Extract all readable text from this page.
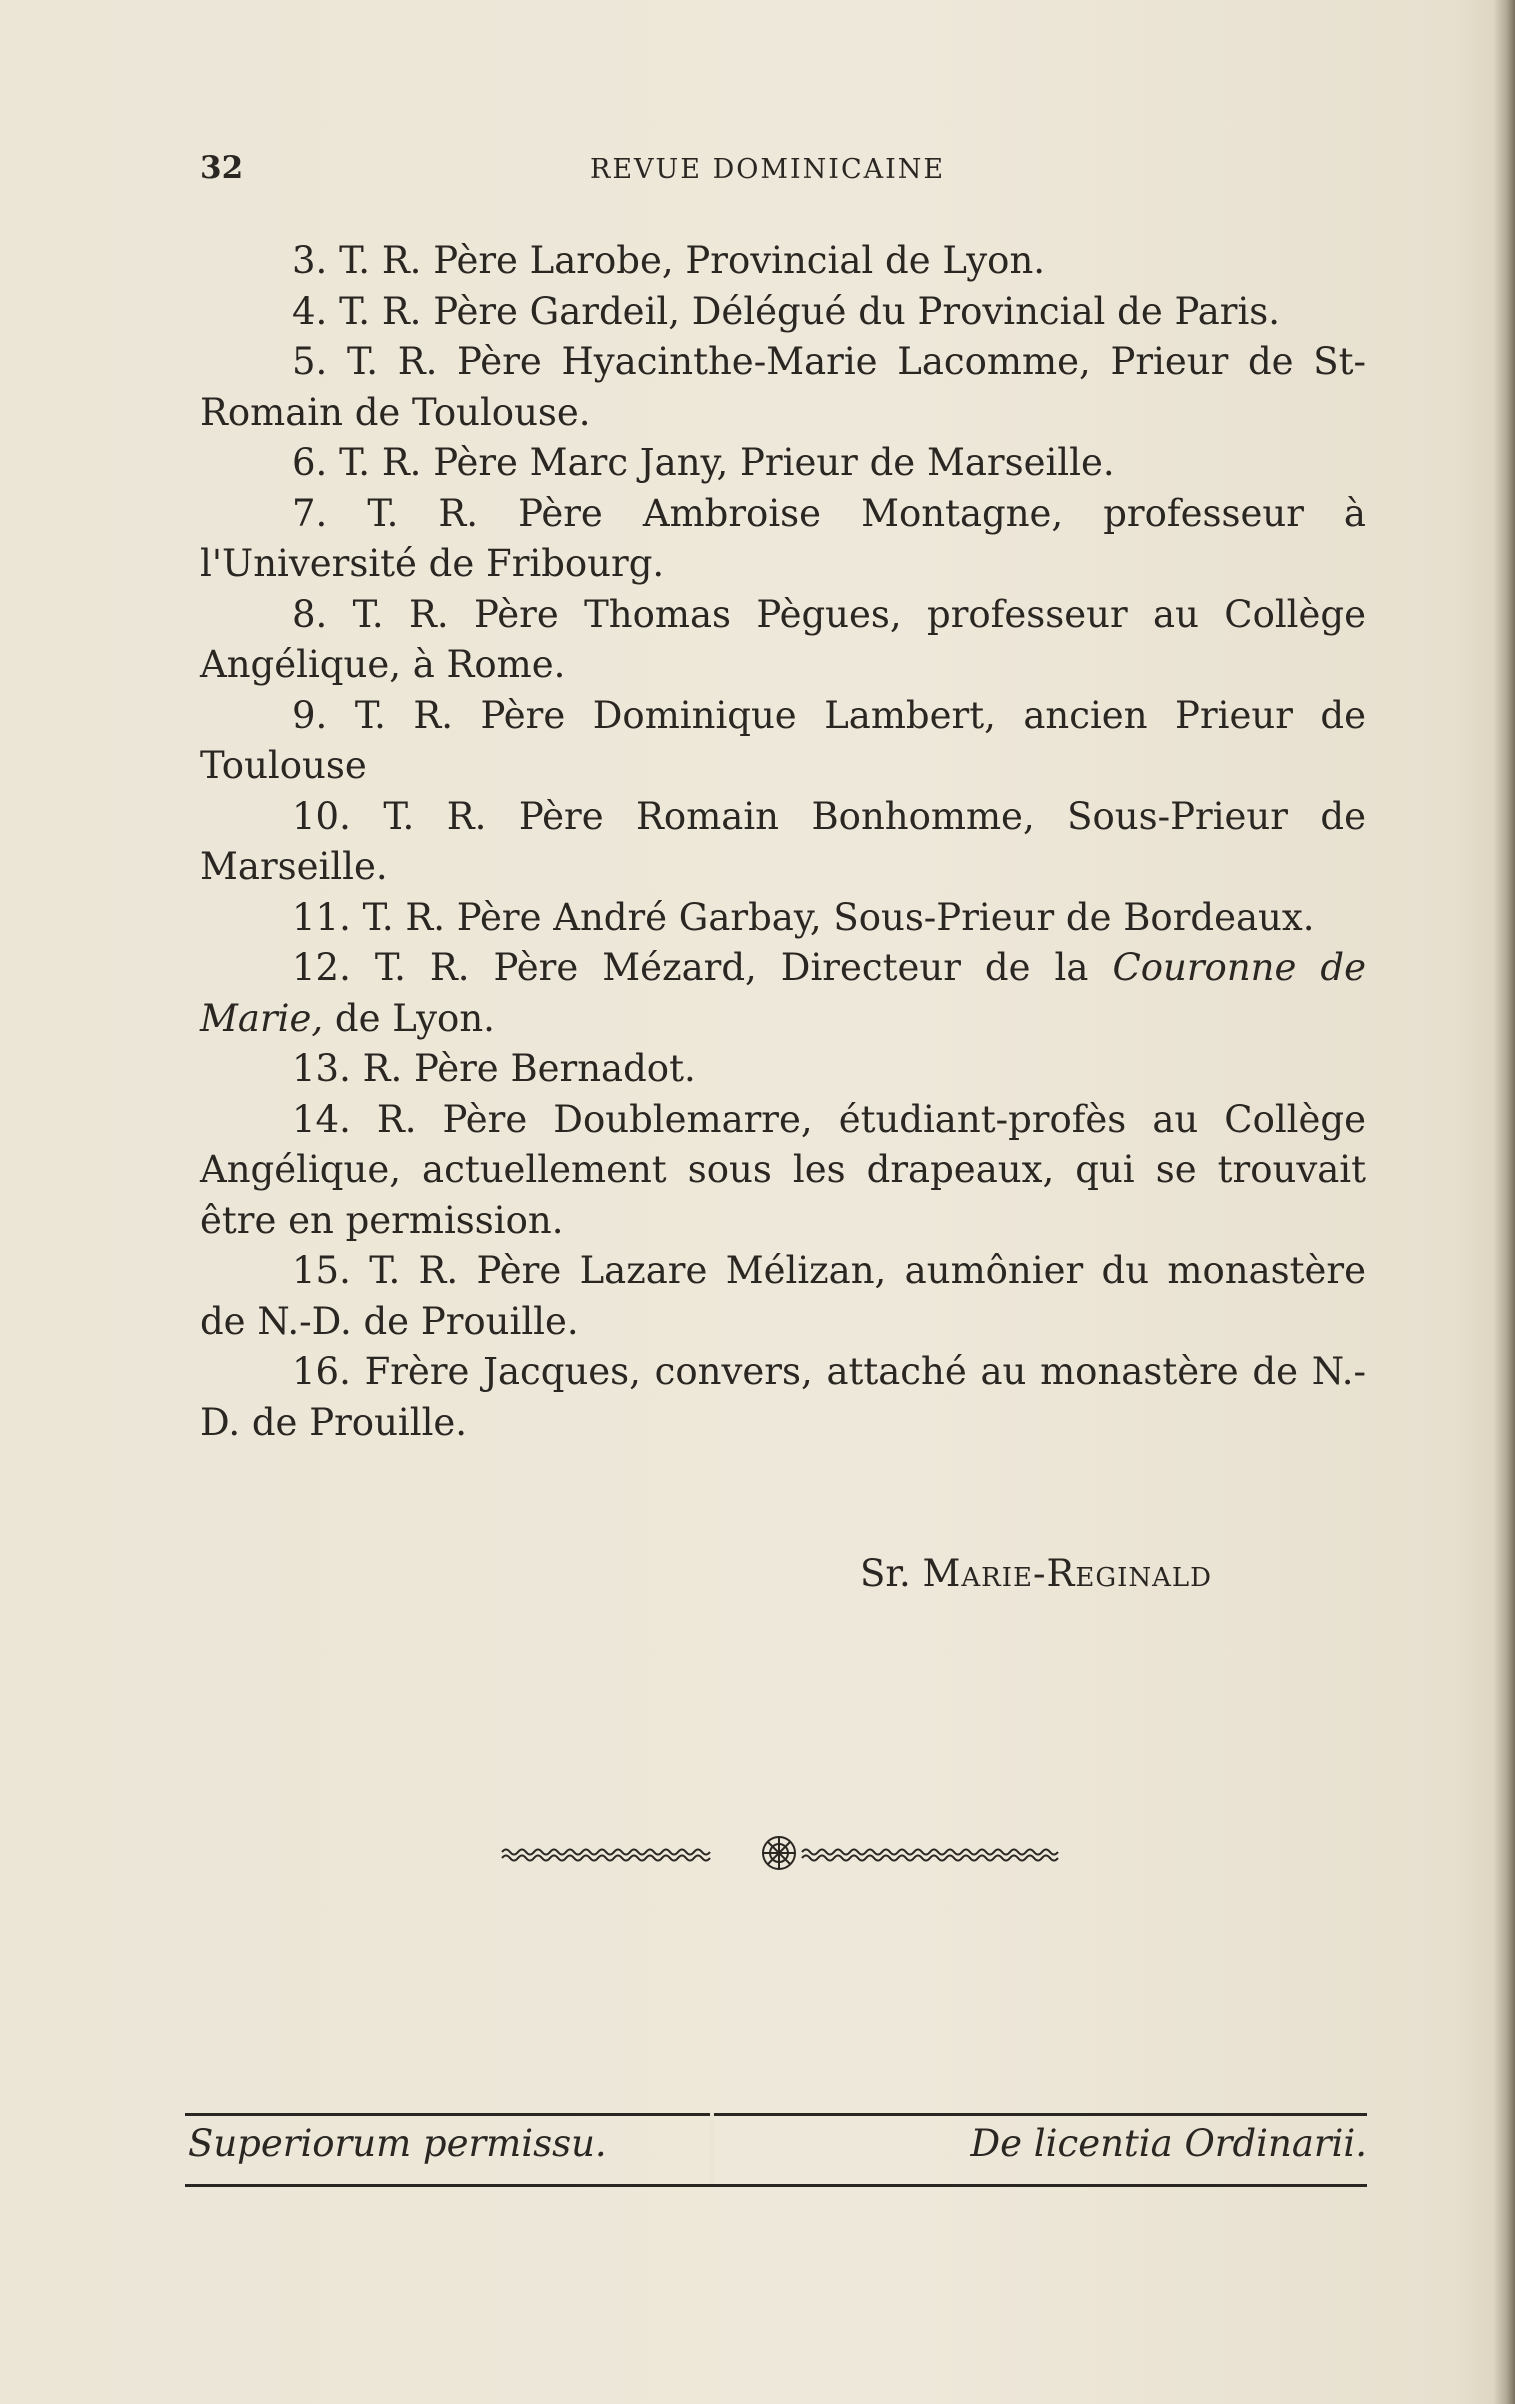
32	REVUE DOMINICAINE

3. T. R. Père Larobe, Provincial de Lyon.

4. T. R. Père Gardeil, Délégué du Provincial de Paris.

5. T. R. Père Hyacinthe-Marie Lacomme, Prieur de St-Romain de Toulouse.

6. T. R. Père Marc Jany, Prieur de Marseille.

7. T. R. Père Ambroise Montagne, professeur à l'Université de Fribourg.

8. T. R. Père Thomas Pègues, professeur au Collège Angélique, à Rome.

9. T. R. Père Dominique Lambert, ancien Prieur de Toulouse

10. T. R. Père Romain Bonhomme, Sous-Prieur de Marseille.

11. T. R. Père André Garbay, Sous-Prieur de Bordeaux.

12. T. R. Père Mézard, Directeur de la Couronne de Marie, de Lyon.

13. R. Père Bernadot.

14. R. Père Doublemarre, étudiant-profès au Collège Angélique, actuellement sous les drapeaux, qui se trouvait être en permission.

15. T. R. Père Lazare Mélizan, aumônier du monastère de N.-D. de Prouille.

16. Frère Jacques, convers, attaché au monastère de N.-D. de Prouille.

Sr. Marie-Reginald
Superiorum permissu.	De licentia Ordinarii.
